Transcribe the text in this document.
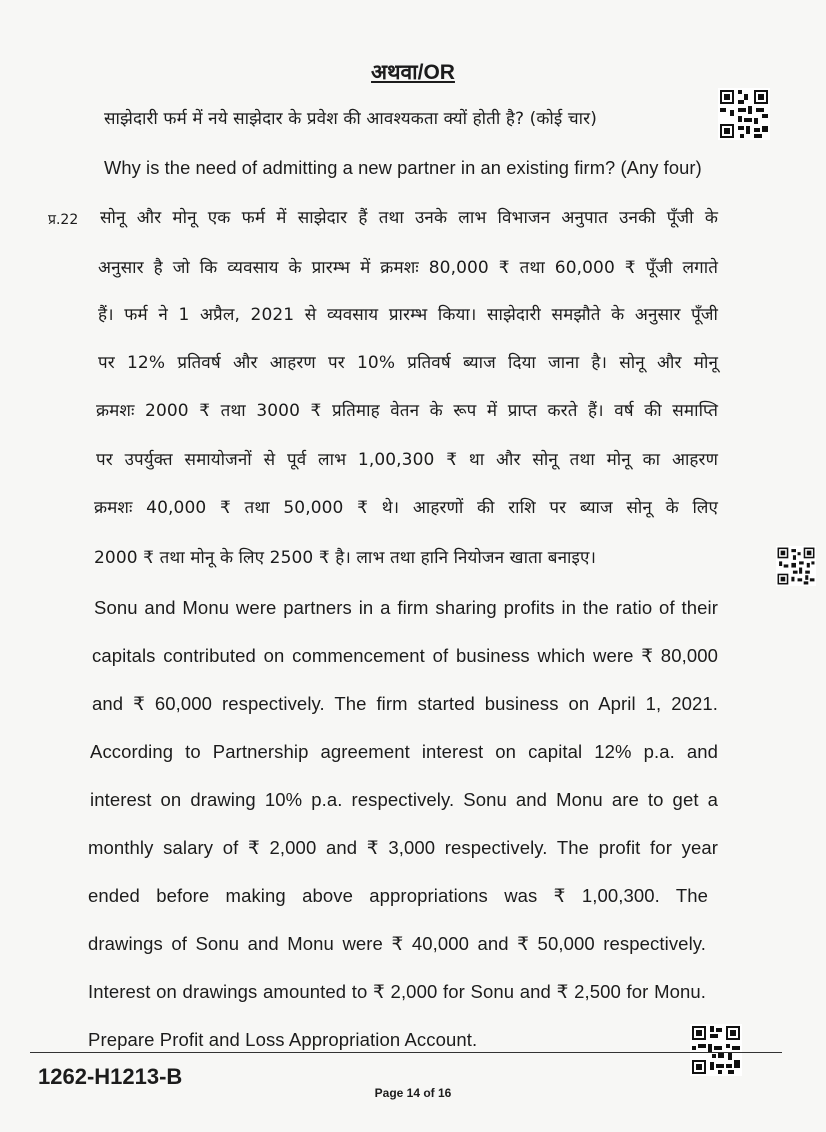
अथवा/OR
साझेदारी फर्म में नये साझेदार के प्रवेश की आवश्यकता क्यों होती है? (कोई चार)
Why is the need of admitting a new partner in an existing firm? (Any four)
प्र.22 सोनू और मोनू एक फर्म में साझेदार हैं तथा उनके लाभ विभाजन अनुपात उनकी पूँजी के
अनुसार है जो कि व्यवसाय के प्रारम्भ में क्रमशः 80,000 ₹ तथा 60,000 ₹ पूँजी लगाते
हैं। फर्म ने 1 अप्रैल, 2021 से व्यवसाय प्रारम्भ किया। साझेदारी समझौते के अनुसार पूँजी
पर 12% प्रतिवर्ष और आहरण पर 10% प्रतिवर्ष ब्याज दिया जाना है। सोनू और मोनू
क्रमशः 2000 ₹ तथा 3000 ₹ प्रतिमाह वेतन के रूप में प्राप्त करते हैं। वर्ष की समाप्ति
पर उपर्युक्त समायोजनों से पूर्व लाभ 1,00,300 ₹ था और सोनू तथा मोनू का आहरण
क्रमशः 40,000 ₹ तथा 50,000 ₹ थे। आहरणों की राशि पर ब्याज सोनू के लिए
2000 ₹ तथा मोनू के लिए 2500 ₹ है। लाभ तथा हानि नियोजन खाता बनाइए।
Sonu and Monu were partners in a firm sharing profits in the ratio of their
capitals contributed on commencement of business which were ₹ 80,000
and ₹ 60,000 respectively. The firm started business on April 1, 2021.
According to Partnership agreement interest on capital 12% p.a. and
interest on drawing 10% p.a. respectively. Sonu and Monu are to get a
monthly salary of ₹ 2,000 and ₹ 3,000 respectively. The profit for year
ended before making above appropriations was ₹ 1,00,300. The
drawings of Sonu and Monu were ₹ 40,000 and ₹ 50,000 respectively.
Interest on drawings amounted to ₹ 2,000 for Sonu and ₹ 2,500 for Monu.
Prepare Profit and Loss Appropriation Account.
1262-H1213-B
Page 14 of 16
